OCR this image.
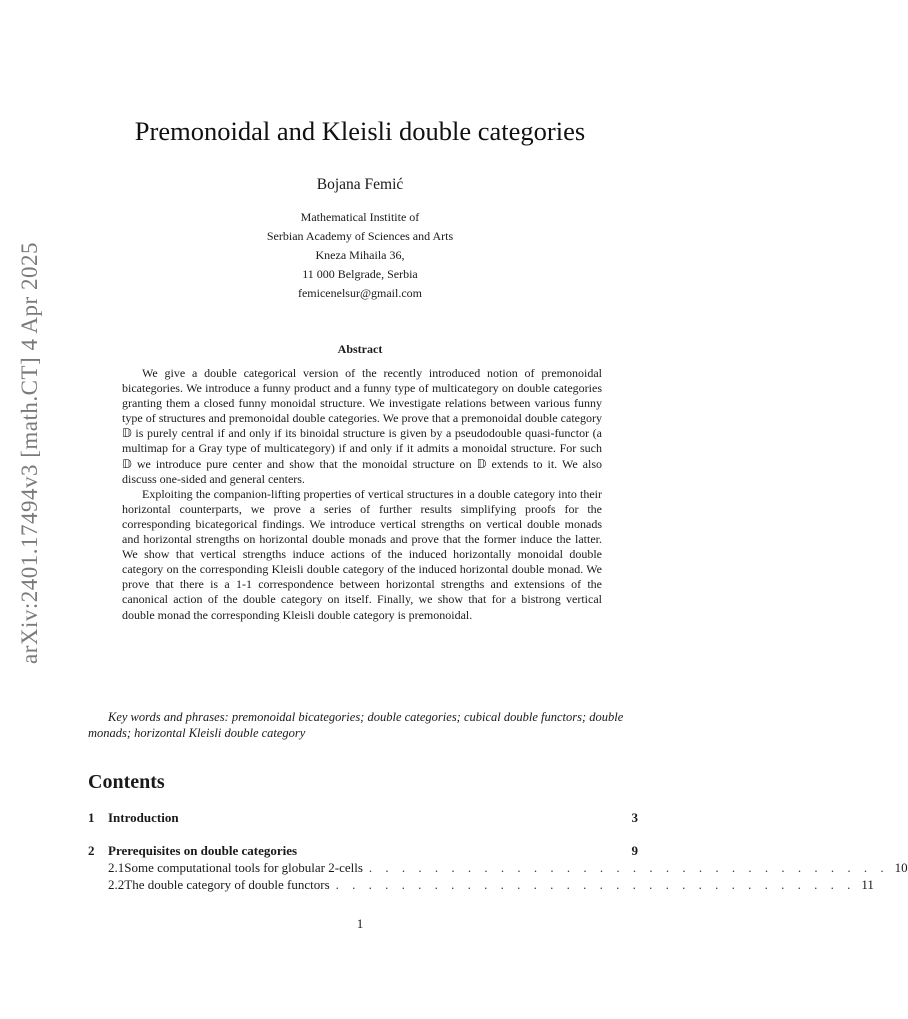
arXiv:2401.17494v3 [math.CT] 4 Apr 2025
Premonoidal and Kleisli double categories
Bojana Femić
Mathematical Institite of
Serbian Academy of Sciences and Arts
Kneza Mihaila 36,
11 000 Belgrade, Serbia
femicenelsur@gmail.com
Abstract

We give a double categorical version of the recently introduced notion of premonoidal bicategories. We introduce a funny product and a funny type of multicategory on double categories granting them a closed funny monoidal structure. We investigate relations between various funny type of structures and premonoidal double categories. We prove that a premonoidal double category 𝔻 is purely central if and only if its binoidal structure is given by a pseudodouble quasi-functor (a multimap for a Gray type of multicategory) if and only if it admits a monoidal structure. For such 𝔻 we introduce pure center and show that the monoidal structure on 𝔻 extends to it. We also discuss one-sided and general centers.

Exploiting the companion-lifting properties of vertical structures in a double category into their horizontal counterparts, we prove a series of further results simplifying proofs for the corresponding bicategorical findings. We introduce vertical strengths on vertical double monads and horizontal strengths on horizontal double monads and prove that the former induce the latter. We show that vertical strengths induce actions of the induced horizontally monoidal double category on the corresponding Kleisli double category of the induced horizontal double monad. We prove that there is a 1-1 correspondence between horizontal strengths and extensions of the canonical action of the double category on itself. Finally, we show that for a bistrong vertical double monad the corresponding Kleisli double category is premonoidal.

Key words and phrases: premonoidal bicategories; double categories; cubical double functors; double monads; horizontal Kleisli double category
Contents
1	Introduction	3
2	Prerequisites on double categories	9
2.1 Some computational tools for globular 2-cells . . . . . . . . . . . . . . . . . . . . . . . . . . . . . . . . 10
2.2 The double category of double functors . . . . . . . . . . . . . . . . . . . . . . . . . . . . . . . . 11
1
